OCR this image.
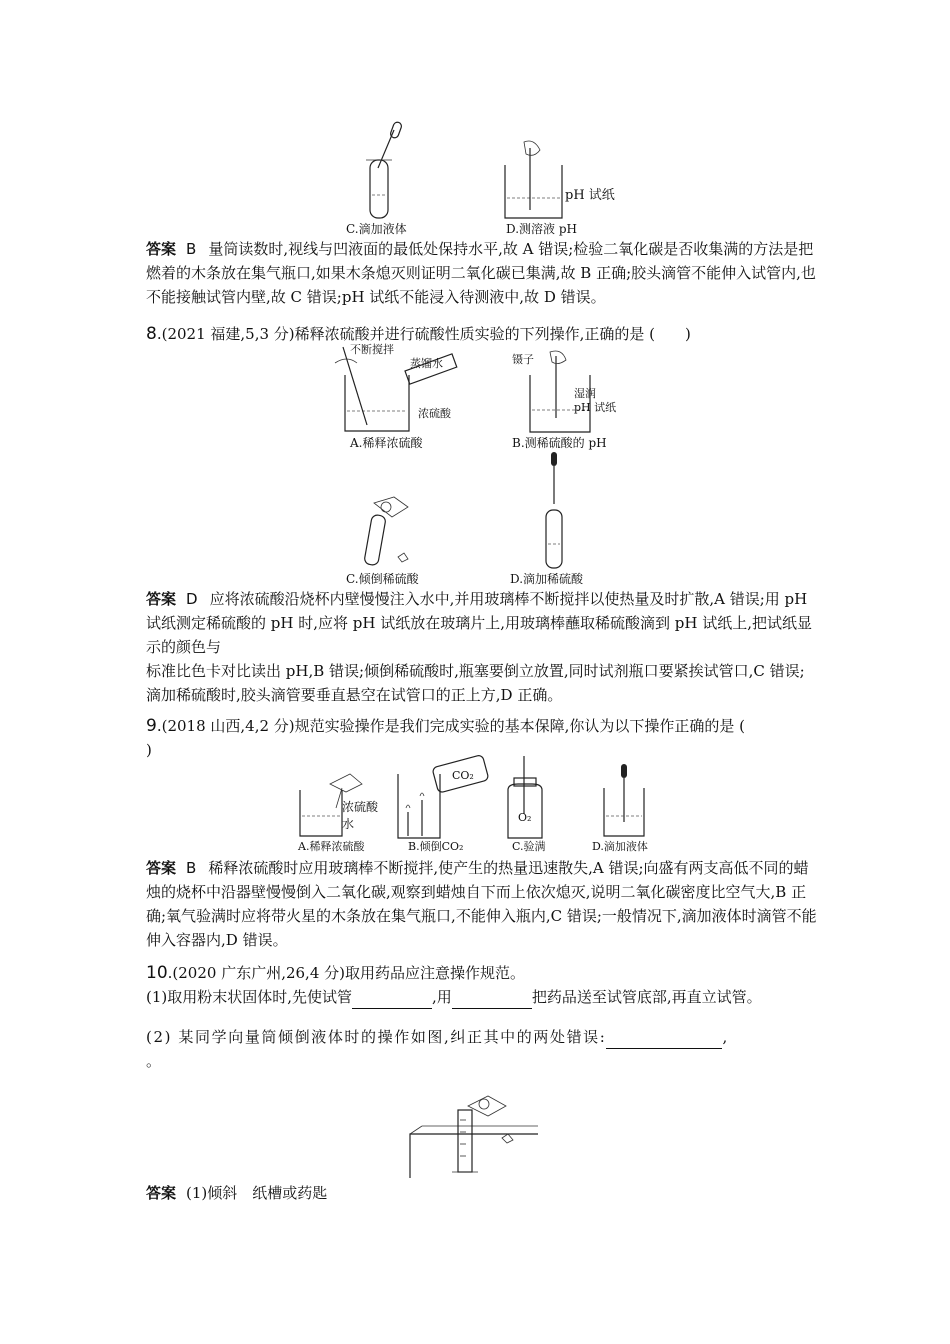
C.滴加液体
pH 试纸
D.测溶液 pH
答案 B 量筒读数时,视线与凹液面的最低处保持水平,故 A 错误;检验二氧化碳是否收集满的方法是把燃着的木条放在集气瓶口,如果木条熄灭则证明二氧化碳已集满,故 B 正确;胶头滴管不能伸入试管内,也不能接触试管内壁,故 C 错误;pH 试纸不能浸入待测液中,故 D 错误。
8.(2021 福建,5,3 分)稀释浓硫酸并进行硫酸性质实验的下列操作,正确的是 (　　)
不断搅拌
蒸馏水
浓硫酸
A.稀释浓硫酸
镊子
湿润
pH 试纸
B.测稀硫酸的 pH
C.倾倒稀硫酸	D.滴加稀硫酸
答案 D 应将浓硫酸沿烧杯内壁慢慢注入水中,并用玻璃棒不断搅拌以使热量及时扩散,A 错误;用 pH 试纸测定稀硫酸的 pH 时,应将 pH 试纸放在玻璃片上,用玻璃棒蘸取稀硫酸滴到 pH 试纸上,把试纸显示的颜色与
标准比色卡对比读出 pH,B 错误;倾倒稀硫酸时,瓶塞要倒立放置,同时试剂瓶口要紧挨试管口,C 错误;滴加稀硫酸时,胶头滴管要垂直悬空在试管口的正上方,D 正确。
9.(2018 山西,4,2 分)规范实验操作是我们完成实验的基本保障,你认为以下操作正确的是 (
)
浓硫酸
水
A.稀释浓硫酸
CO₂
B.倾倒CO₂
O₂
C.验满	D.滴加液体
答案 B 稀释浓硫酸时应用玻璃棒不断搅拌,使产生的热量迅速散失,A 错误;向盛有两支高低不同的蜡烛的烧杯中沿器壁慢慢倒入二氧化碳,观察到蜡烛自下而上依次熄灭,说明二氧化碳密度比空气大,B 正确;氧气验满时应将带火星的木条放在集气瓶口,不能伸入瓶内,C 错误;一般情况下,滴加液体时滴管不能伸入容器内,D 错误。
10.(2020 广东广州,26,4 分)取用药品应注意操作规范。
(1)取用粉末状固体时,先使试管	,用	把药品送至试管底部,再直立试管。
(2) 某同学向量筒倾倒液体时的操作如图,纠正其中的两处错误:	,
。
答案 (1)倾斜　纸槽或药匙
